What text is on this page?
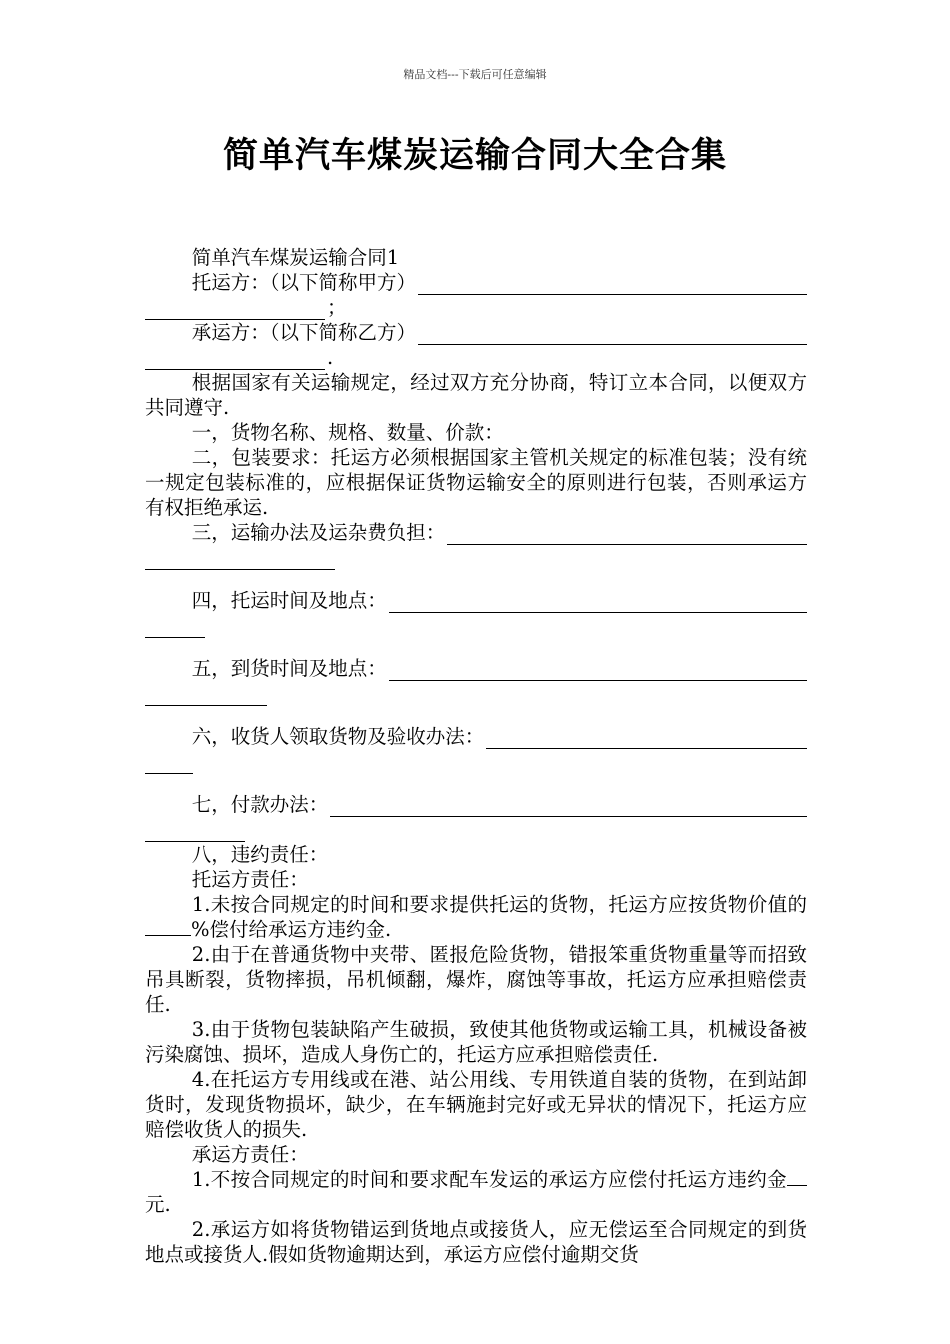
精品文档---下载后可任意编辑
简单汽车煤炭运输合同大全合集

简单汽车煤炭运输合同1

托运方：（以下简称甲方）
；
承运方：（以下简称乙方）
.

根据国家有关运输规定，经过双方充分协商，特订立本合同，以便双方共同遵守.

一，货物名称、规格、数量、价款：

二，包装要求：托运方必须根据国家主管机关规定的标准包装；没有统一规定包装标准的，应根据保证货物运输安全的原则进行包装，否则承运方有权拒绝承运.

三，运输办法及运杂费负担：
四，托运时间及地点：
五，到货时间及地点：
六，收货人领取货物及验收办法：
七，付款办法：

八，违约责任：

托运方责任：

1.未按合同规定的时间和要求提供托运的货物，托运方应按货物价值的%偿付给承运方违约金.

2.由于在普通货物中夹带、匿报危险货物，错报笨重货物重量等而招致吊具断裂，货物摔损，吊机倾翻，爆炸，腐蚀等事故，托运方应承担赔偿责任.

3.由于货物包装缺陷产生破损，致使其他货物或运输工具，机械设备被污染腐蚀、损坏，造成人身伤亡的，托运方应承担赔偿责任.

4.在托运方专用线或在港、站公用线、专用铁道自装的货物，在到站卸货时，发现货物损坏，缺少，在车辆施封完好或无异状的情况下，托运方应赔偿收货人的损失.

承运方责任：

1.不按合同规定的时间和要求配车发运的承运方应偿付托运方违约金元.

2.承运方如将货物错运到货地点或接货人，应无偿运至合同规定的到货地点或接货人.假如货物逾期达到，承运方应偿付逾期交货
